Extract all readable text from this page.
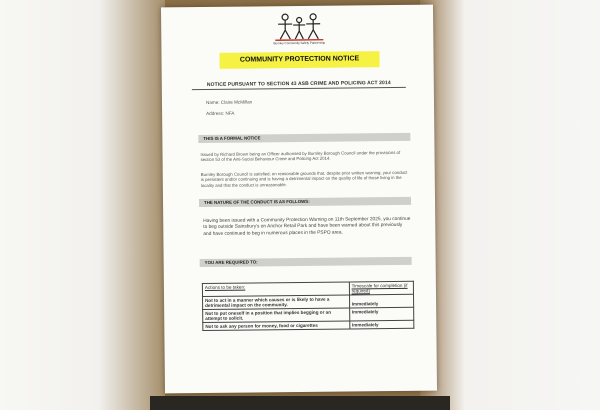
Burnley Community Safety Partnership
COMMUNITY PROTECTION NOTICE
NOTICE PURSUANT TO SECTION 43 ASB CRIME AND POLICING ACT 2014
Name: Claire McMillan
Address: NFA
THIS IS A FORMAL NOTICE
Issued by Richard Brown being an Officer authorised by Burnley Borough Council under the provisions of section 53 of the Anti-Social Behaviour Crime and Policing Act 2014.
Burnley Borough Council is satisfied, on reasonable grounds that, despite prior written warning, your conduct is persistent and/or continuing and is having a detrimental impact on the quality of life of those living in the locality and that the conduct is unreasonable.
THE NATURE OF THE CONDUCT IS AS FOLLOWS:
Having been issued with a Community Protection Warning on 11th September 2025, you continue to beg outside Sainsbury's on Anchor Retail Park and have been warned about this previously and have continued to beg in numerous places in the PSPO area.
YOU ARE REQUIRED TO:
Actions to be taken:	Timescale for completion (if required)
Not to act in a manner which causes or is likely to have a detrimental impact on the community.	Immediately
Not to put oneself in a position that implies begging or an attempt to solicit.	Immediately
Not to ask any person for money, food or cigarettes	Immediately
